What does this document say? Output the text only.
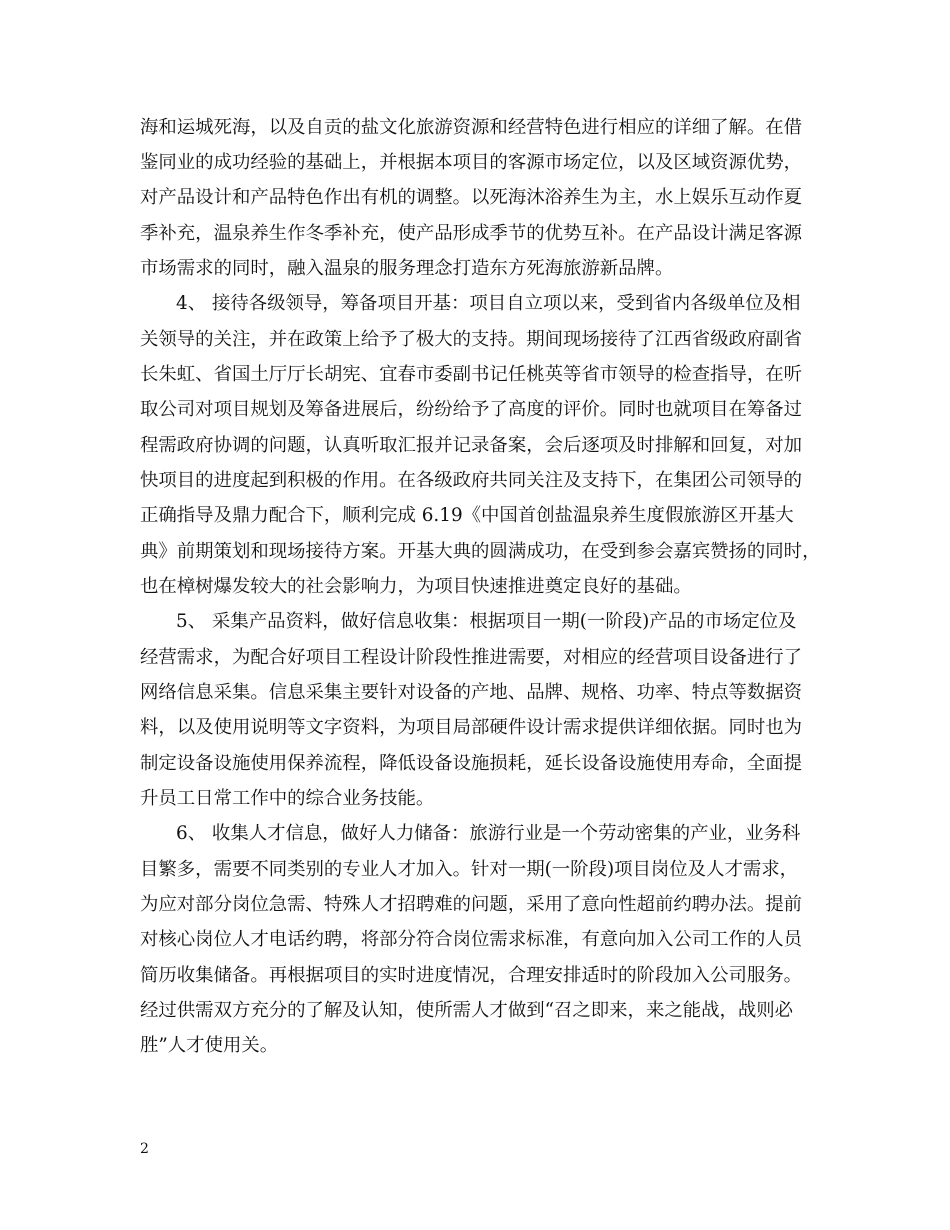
海和运城死海，以及自贡的盐文化旅游资源和经营特色进行相应的详细了解。在借
鉴同业的成功经验的基础上，并根据本项目的客源市场定位，以及区域资源优势，
对产品设计和产品特色作出有机的调整。以死海沐浴养生为主，水上娱乐互动作夏
季补充，温泉养生作冬季补充，使产品形成季节的优势互补。在产品设计满足客源
市场需求的同时，融入温泉的服务理念打造东方死海旅游新品牌。
4、 接待各级领导，筹备项目开基：项目自立项以来，受到省内各级单位及相
关领导的关注，并在政策上给予了极大的支持。期间现场接待了江西省级政府副省
长朱虹、省国土厅厅长胡宪、宜春市委副书记任桃英等省市领导的检查指导，在听
取公司对项目规划及筹备进展后，纷纷给予了高度的评价。同时也就项目在筹备过
程需政府协调的问题，认真听取汇报并记录备案，会后逐项及时排解和回复，对加
快项目的进度起到积极的作用。在各级政府共同关注及支持下，在集团公司领导的
正确指导及鼎力配合下，顺利完成 6.19《中国首创盐温泉养生度假旅游区开基大
典》前期策划和现场接待方案。开基大典的圆满成功，在受到参会嘉宾赞扬的同时，
也在樟树爆发较大的社会影响力，为项目快速推进奠定良好的基础。
5、 采集产品资料，做好信息收集：根据项目一期(一阶段)产品的市场定位及
经营需求，为配合好项目工程设计阶段性推进需要，对相应的经营项目设备进行了
网络信息采集。信息采集主要针对设备的产地、品牌、规格、功率、特点等数据资
料，以及使用说明等文字资料，为项目局部硬件设计需求提供详细依据。同时也为
制定设备设施使用保养流程，降低设备设施损耗，延长设备设施使用寿命，全面提
升员工日常工作中的综合业务技能。
6、 收集人才信息，做好人力储备：旅游行业是一个劳动密集的产业，业务科
目繁多，需要不同类别的专业人才加入。针对一期(一阶段)项目岗位及人才需求，
为应对部分岗位急需、特殊人才招聘难的问题，采用了意向性超前约聘办法。提前
对核心岗位人才电话约聘，将部分符合岗位需求标准，有意向加入公司工作的人员
简历收集储备。再根据项目的实时进度情况，合理安排适时的阶段加入公司服务。
经过供需双方充分的了解及认知，使所需人才做到“召之即来，来之能战，战则必
胜”人才使用关。
2
